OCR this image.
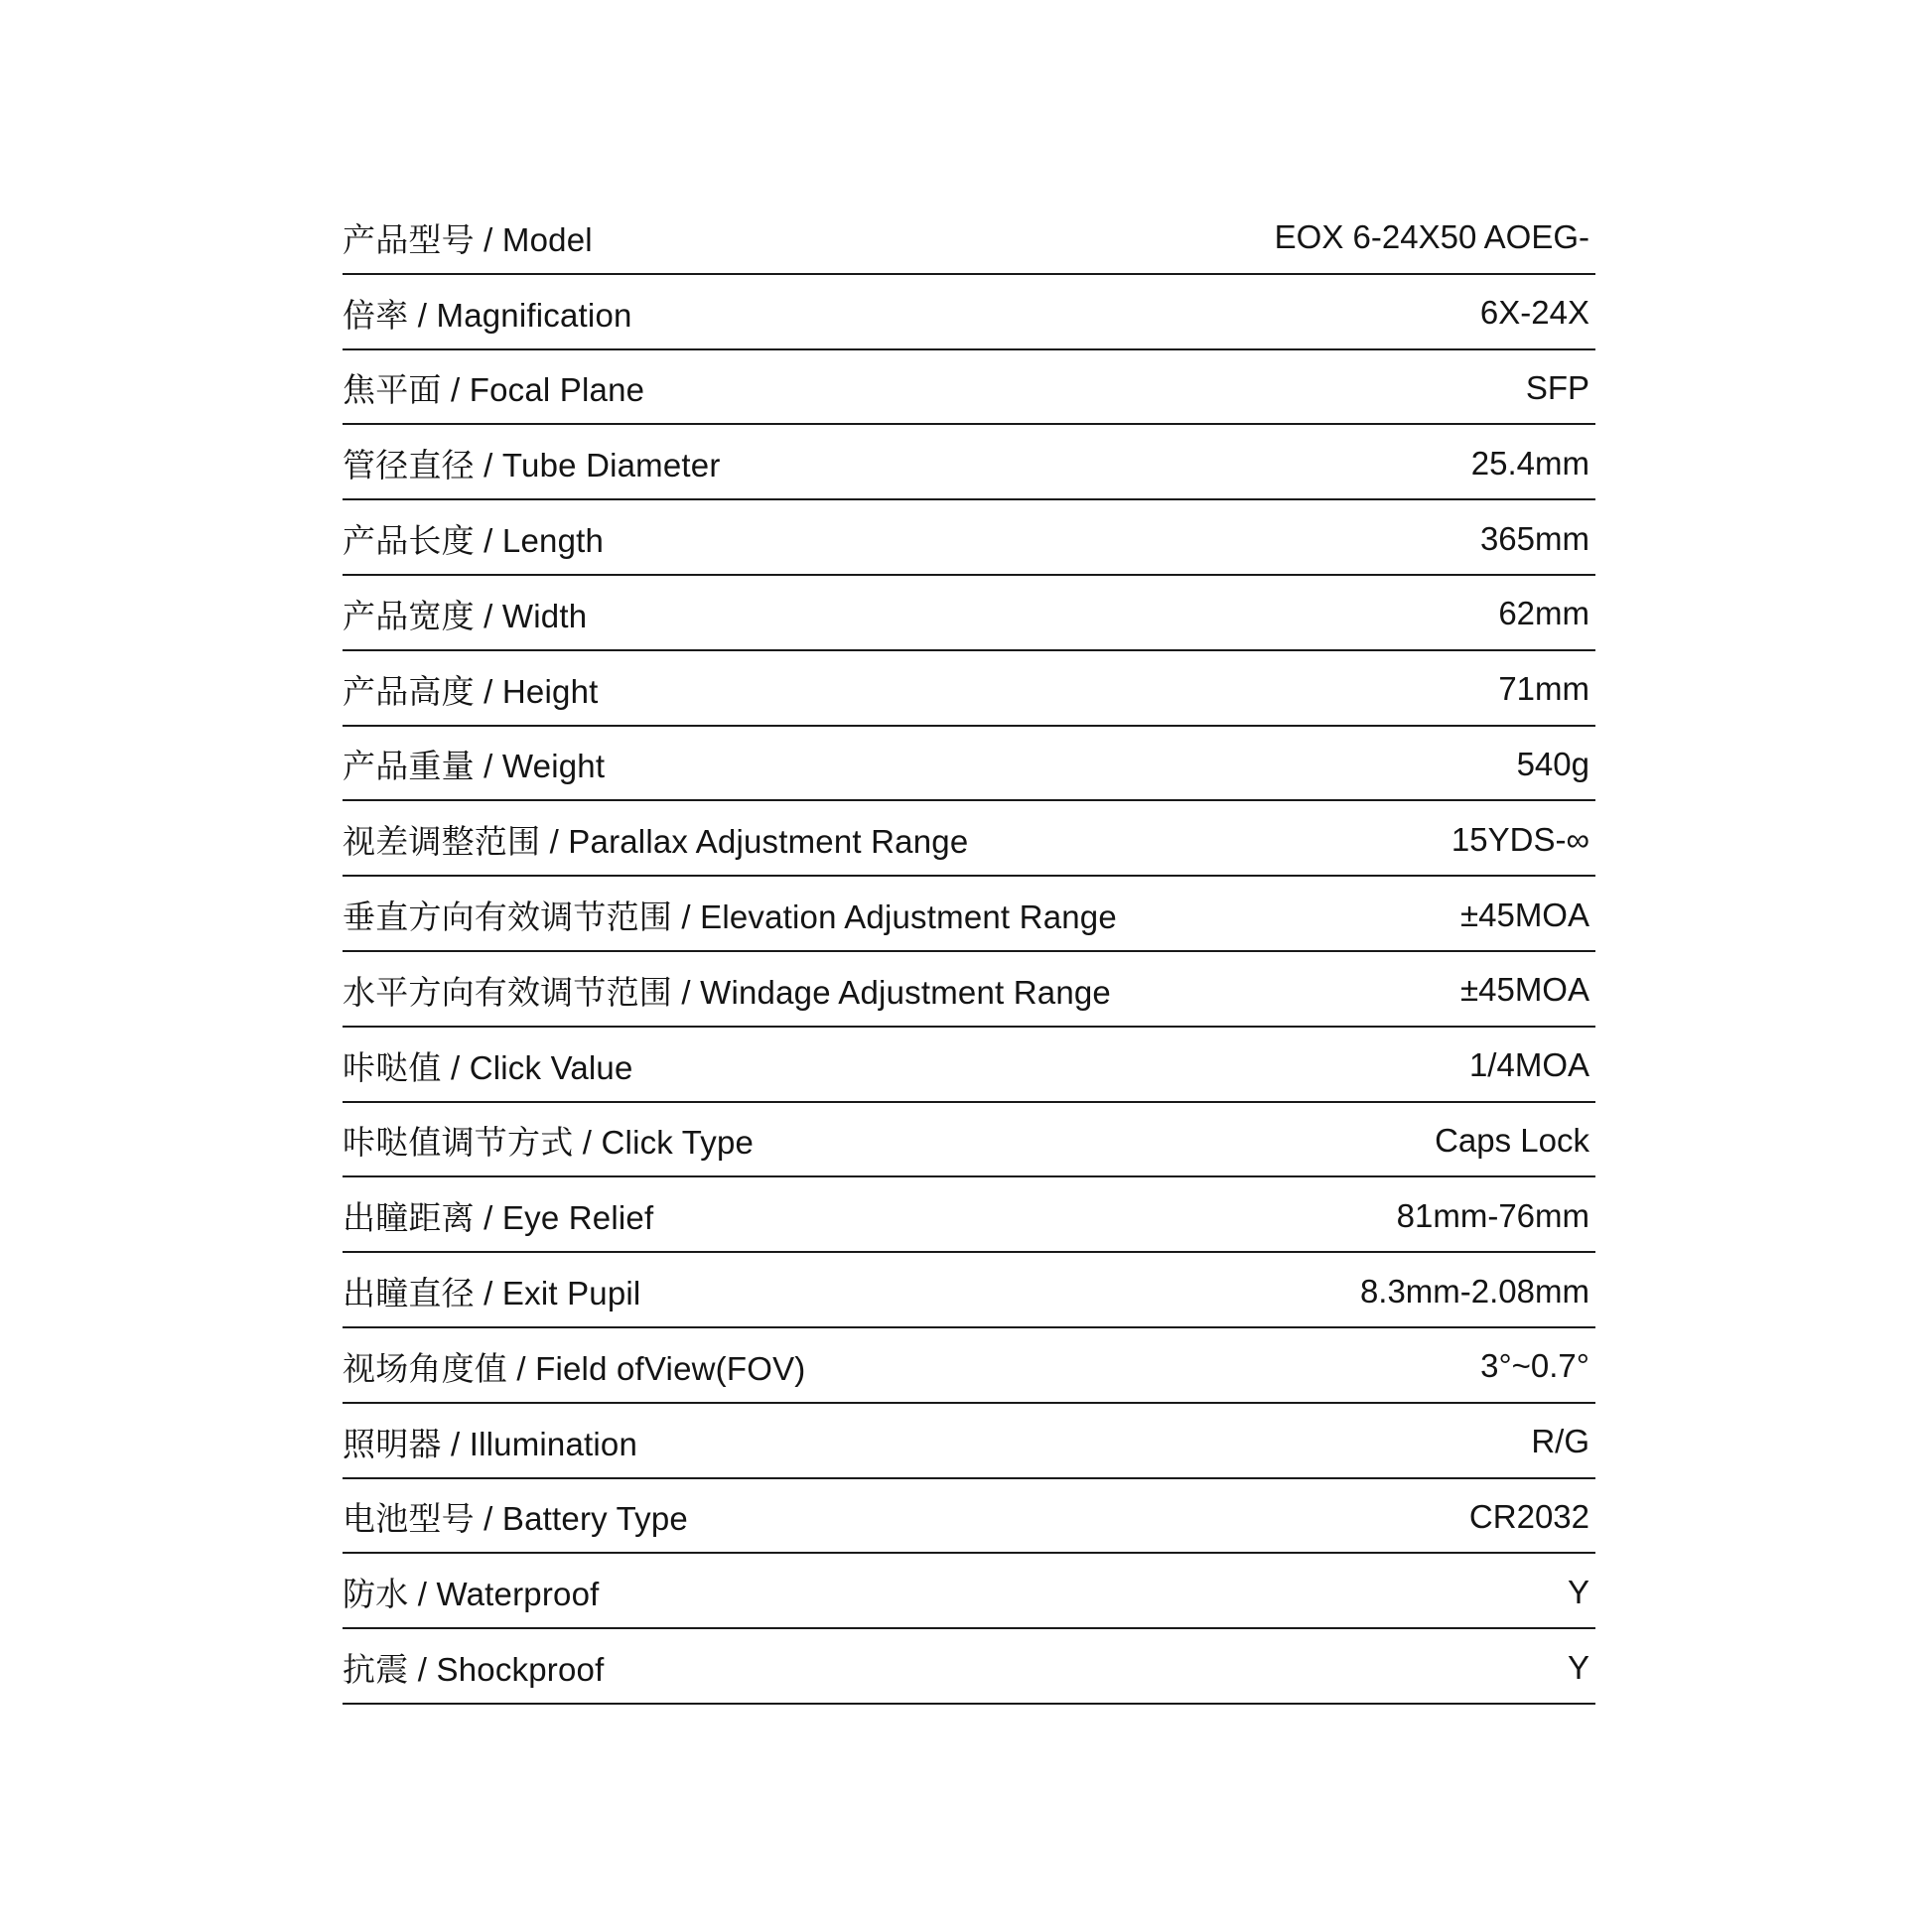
产品型号 / Model	EOX 6-24X50 AOEG-
倍率 / Magnification	6X-24X
焦平面 / Focal Plane	SFP
管径直径 / Tube Diameter	25.4mm
产品长度 / Length	365mm
产品宽度 / Width	62mm
产品高度 / Height	71mm
产品重量 / Weight	540g
视差调整范围 / Parallax Adjustment Range	15YDS-∞
垂直方向有效调节范围 / Elevation Adjustment Range	±45MOA
水平方向有效调节范围 / Windage Adjustment Range	±45MOA
咔哒值 / Click Value	1/4MOA
咔哒值调节方式 / Click Type	Caps Lock
出瞳距离 / Eye Relief	81mm-76mm
出瞳直径 / Exit Pupil	8.3mm-2.08mm
视场角度值 / Field ofView(FOV)	3°~0.7°
照明器 / Illumination	R/G
电池型号 / Battery Type	CR2032
防水 / Waterproof	Y
抗震 / Shockproof	Y
